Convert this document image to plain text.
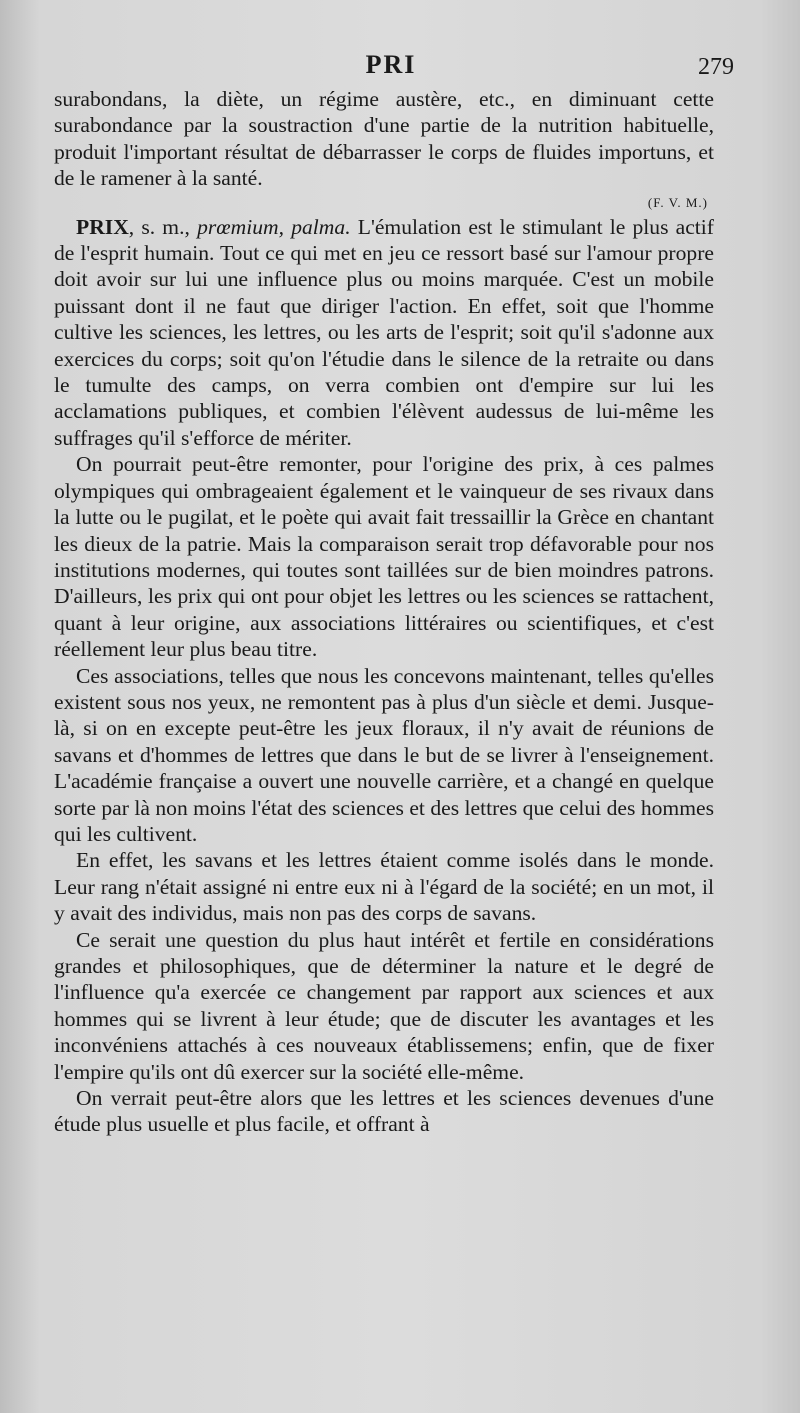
PRI	279

surabondans, la diète, un régime austère, etc., en diminuant cette surabondance par la soustraction d'une partie de la nutrition habituelle, produit l'important résultat de débarrasser le corps de fluides importuns, et de le ramener à la santé.

(F. V. M.)

PRIX, s. m., prœmium, palma. L'émulation est le stimulant le plus actif de l'esprit humain. Tout ce qui met en jeu ce ressort basé sur l'amour propre doit avoir sur lui une influence plus ou moins marquée. C'est un mobile puissant dont il ne faut que diriger l'action. En effet, soit que l'homme cultive les sciences, les lettres, ou les arts de l'esprit; soit qu'il s'adonne aux exercices du corps; soit qu'on l'étudie dans le silence de la retraite ou dans le tumulte des camps, on verra combien ont d'empire sur lui les acclamations publiques, et combien l'élèvent audessus de lui-même les suffrages qu'il s'efforce de mériter.

On pourrait peut-être remonter, pour l'origine des prix, à ces palmes olympiques qui ombrageaient également et le vainqueur de ses rivaux dans la lutte ou le pugilat, et le poète qui avait fait tressaillir la Grèce en chantant les dieux de la patrie. Mais la comparaison serait trop défavorable pour nos institutions modernes, qui toutes sont taillées sur de bien moindres patrons. D'ailleurs, les prix qui ont pour objet les lettres ou les sciences se rattachent, quant à leur origine, aux associations littéraires ou scientifiques, et c'est réellement leur plus beau titre.

Ces associations, telles que nous les concevons maintenant, telles qu'elles existent sous nos yeux, ne remontent pas à plus d'un siècle et demi. Jusque-là, si on en excepte peut-être les jeux floraux, il n'y avait de réunions de savans et d'hommes de lettres que dans le but de se livrer à l'enseignement. L'académie française a ouvert une nouvelle carrière, et a changé en quelque sorte par là non moins l'état des sciences et des lettres que celui des hommes qui les cultivent.

En effet, les savans et les lettres étaient comme isolés dans le monde. Leur rang n'était assigné ni entre eux ni à l'égard de la société; en un mot, il y avait des individus, mais non pas des corps de savans.

Ce serait une question du plus haut intérêt et fertile en considérations grandes et philosophiques, que de déterminer la nature et le degré de l'influence qu'a exercée ce changement par rapport aux sciences et aux hommes qui se livrent à leur étude; que de discuter les avantages et les inconvéniens attachés à ces nouveaux établissemens; enfin, que de fixer l'empire qu'ils ont dû exercer sur la société elle-même.

On verrait peut-être alors que les lettres et les sciences devenues d'une étude plus usuelle et plus facile, et offrant à
